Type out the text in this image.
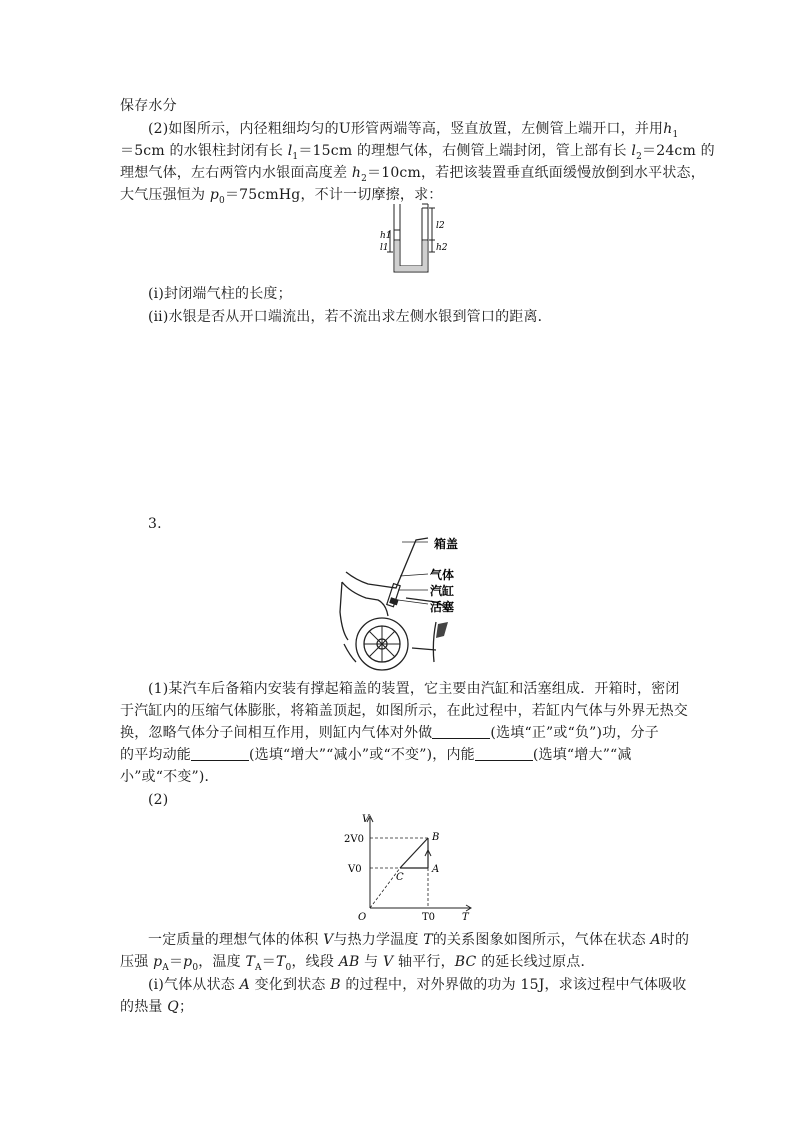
保存水分
(2)如图所示，内径粗细均匀的U形管两端等高，竖直放置，左侧管上端开口，并用$h_1$
＝5cm 的水银柱封闭有长 $l_1=15cm$ 的理想气体，右侧管上端封闭，管上部有长 $l_2=24cm$ 的
理想气体，左右两管内水银面高度差 $h_2=10cm$，若把该装置垂直纸面缓慢放倒到水平状态，
大气压强恒为 $p_0=75cmHg$，不计一切摩擦，求：
h1
l1
l2
h2
(ⅰ)封闭端气柱的长度；
(ⅱ)水银是否从开口端流出，若不流出求左侧水银到管口的距离．
3.
箱盖
气体
汽缸
活塞
(1)某汽车后备箱内安装有撑起箱盖的装置，它主要由汽缸和活塞组成．开箱时，密闭
于汽缸内的压缩气体膨胀，将箱盖顶起，如图所示，在此过程中，若缸内气体与外界无热交
换，忽略气体分子间相互作用，则缸内气体对外做	(选填“正”或“负”)功，分子
的平均动能	(选填“增大”“减小”或“不变”)，内能	(选填“增大”“减
小”或“不变”)．
(2)
V
T
O
B
A
C
2V0
V0
T0
一定质量的理想气体的体积 V与热力学温度 T的关系图象如图所示，气体在状态 A时的
压强 $p_A=p_0$，温度 $T_A=T_0$，线段 AB 与 V 轴平行，BC 的延长线过原点．
(ⅰ)气体从状态 A 变化到状态 B 的过程中，对外界做的功为 15J，求该过程中气体吸收
的热量 Q；
